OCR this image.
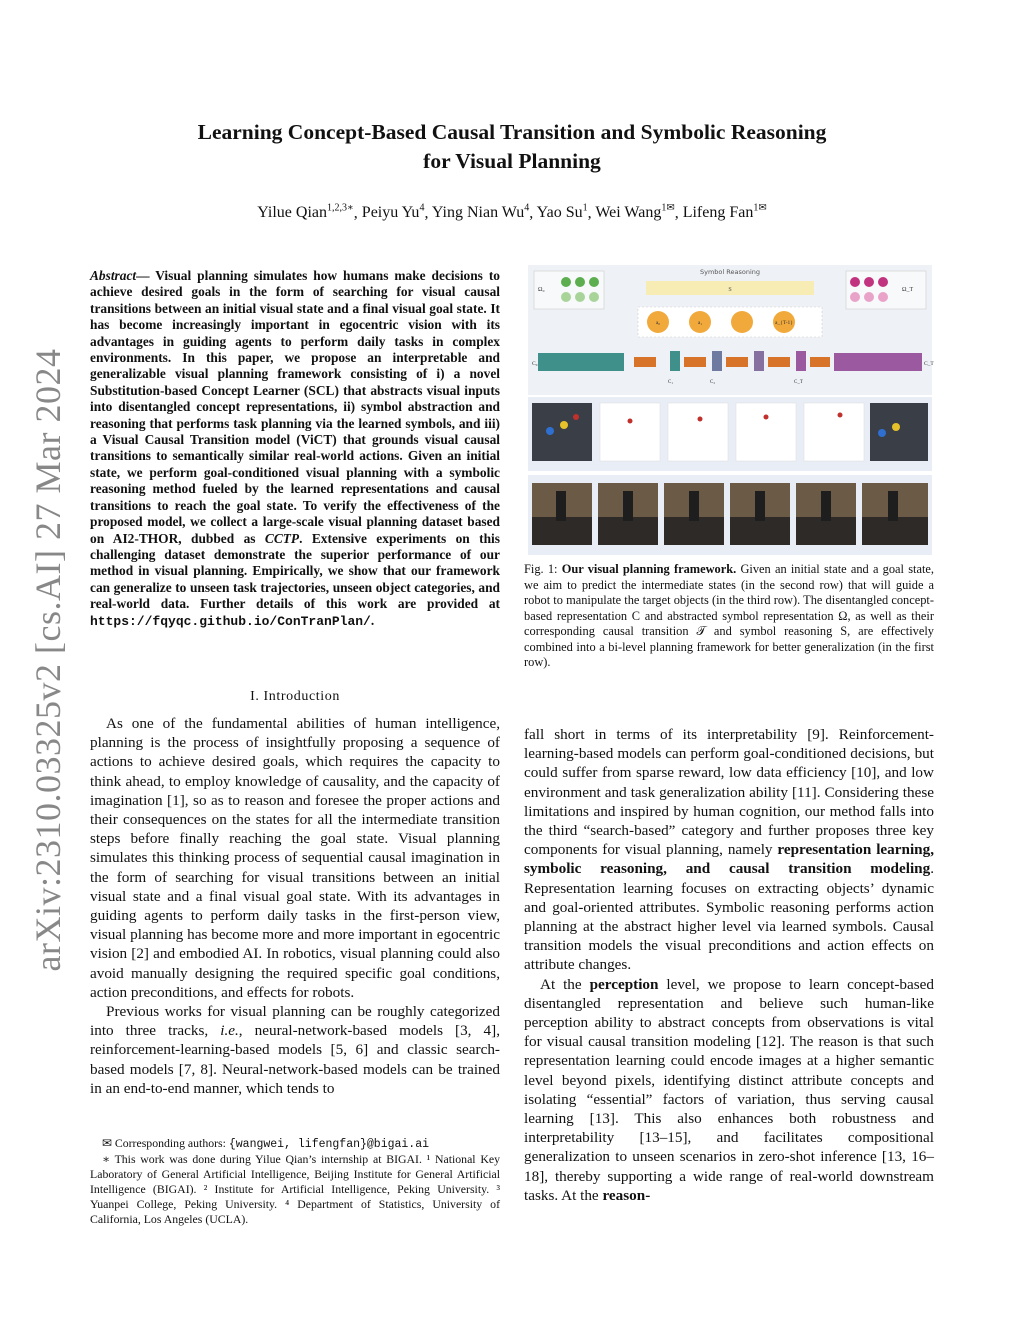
arXiv:2310.03325v2 [cs.AI] 27 Mar 2024
Learning Concept-Based Causal Transition and Symbolic Reasoning
for Visual Planning
Yilue Qian$^{1,2,3∗}$, Peiyu Yu$^4$, Ying Nian Wu$^4$, Yao Su$^1$, Wei Wang$^{1✉}$, Lifeng Fan$^{1✉}$
Abstract— Visual planning simulates how humans make decisions to achieve desired goals in the form of searching for visual causal transitions between an initial visual state and a final visual goal state. It has become increasingly important in egocentric vision with its advantages in guiding agents to perform daily tasks in complex environments. In this paper, we propose an interpretable and generalizable visual planning framework consisting of i) a novel Substitution-based Concept Learner (SCL) that abstracts visual inputs into disentangled concept representations, ii) symbol abstraction and reasoning that performs task planning via the learned symbols, and iii) a Visual Causal Transition model (ViCT) that grounds visual causal transitions to semantically similar real-world actions. Given an initial state, we perform goal-conditioned visual planning with a symbolic reasoning method fueled by the learned representations and causal transitions to reach the goal state. To verify the effectiveness of the proposed model, we collect a large-scale visual planning dataset based on AI2-THOR, dubbed as CCTP. Extensive experiments on this challenging dataset demonstrate the superior performance of our method in visual planning. Empirically, we show that our framework can generalize to unseen task trajectories, unseen object categories, and real-world data. Further details of this work are provided at https://fqyqc.github.io/ConTranPlan/.
I. Introduction

As one of the fundamental abilities of human intelligence, planning is the process of insightfully proposing a sequence of actions to achieve desired goals, which requires the capacity to think ahead, to employ knowledge of causality, and the capacity of imagination [1], so as to reason and foresee the proper actions and their consequences on the states for all the intermediate transition steps before finally reaching the goal state. Visual planning simulates this thinking process of sequential causal imagination in the form of searching for visual transitions between an initial visual state and a final visual goal state. With its advantages in guiding agents to perform daily tasks in the first-person view, visual planning has become more and more important in egocentric vision [2] and embodied AI. In robotics, visual planning could also avoid manually designing the required specific goal conditions, action preconditions, and effects for robots.

Previous works for visual planning can be roughly categorized into three tracks, i.e., neural-network-based models [3, 4], reinforcement-learning-based models [5, 6] and classic search-based models [7, 8]. Neural-network-based models can be trained in an end-to-end manner, which tends to

✉ Corresponding authors: {wangwei, lifengfan}@bigai.ai

∗ This work was done during Yilue Qian’s internship at BIGAI. ¹ National Key Laboratory of General Artificial Intelligence, Beijing Institute for General Artificial Intelligence (BIGAI). ² Institute for Artificial Intelligence, Peking University. ³ Yuanpei College, Peking University. ⁴ Department of Statistics, University of California, Los Angeles (UCLA).

Symbol Reasoning
Ω₀	Ω_T
S
a₀	a₁	a_{T-1}
C₀	C_T
C₁	C₂	C_T
Fig. 1: Our visual planning framework. Given an initial state and a goal state, we aim to predict the intermediate states (in the second row) that will guide a robot to manipulate the target objects (in the third row). The disentangled concept-based representation C and abstracted symbol representation Ω, as well as their corresponding causal transition 𝒯 and symbol reasoning S, are effectively combined into a bi-level planning framework for better generalization (in the first row).

fall short in terms of its interpretability [9]. Reinforcement-learning-based models can perform goal-conditioned decisions, but could suffer from sparse reward, low data efficiency [10], and low environment and task generalization ability [11]. Considering these limitations and inspired by human cognition, our method falls into the third “search-based” category and further proposes three key components for visual planning, namely representation learning, symbolic reasoning, and causal transition modeling. Representation learning focuses on extracting objects’ dynamic and goal-oriented attributes. Symbolic reasoning performs action planning at the abstract higher level via learned symbols. Causal transition models the visual preconditions and action effects on attribute changes.

At the perception level, we propose to learn concept-based disentangled representation and believe such human-like perception ability to abstract concepts from observations is vital for visual causal transition modeling [12]. The reason is that such representation learning could encode images at a higher semantic level beyond pixels, identifying distinct attribute concepts and isolating “essential” factors of variation, thus serving causal learning [13]. This also enhances both robustness and interpretability [13–15], and facilitates compositional generalization to unseen scenarios in zero-shot inference [13, 16–18], thereby supporting a wide range of real-world downstream tasks. At the reason-
